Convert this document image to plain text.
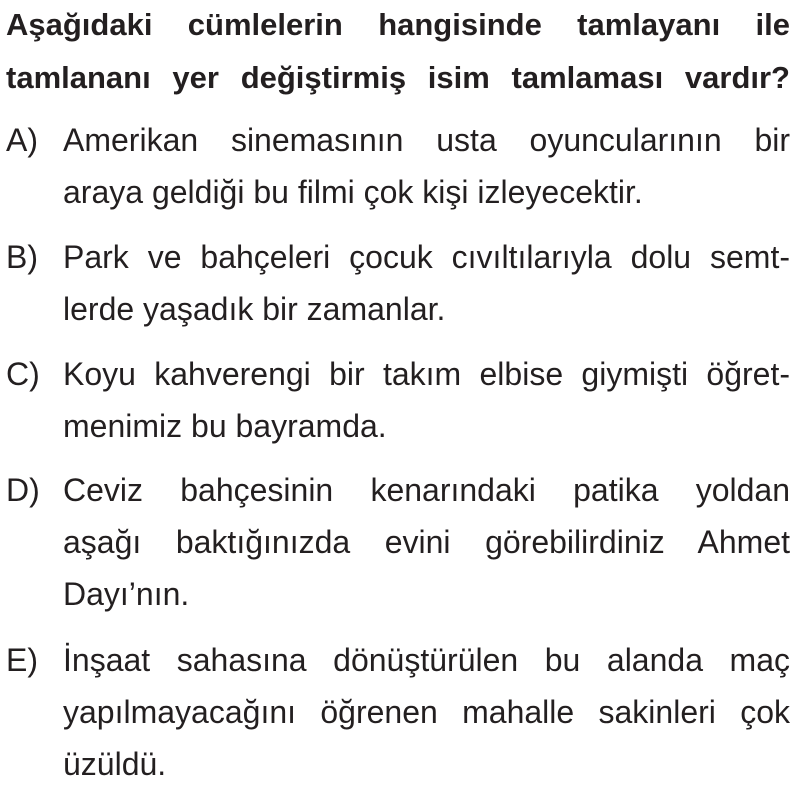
Aşağıdaki cümlelerin hangisinde tamlayanı ile
tamlananı yer değiştirmiş isim tamlaması vardır?
A) Amerikan sinemasının usta oyuncularının bir
araya geldiği bu filmi çok kişi izleyecektir.
B) Park ve bahçeleri çocuk cıvıltılarıyla dolu semt-
lerde yaşadık bir zamanlar.
C) Koyu kahverengi bir takım elbise giymişti öğret-
menimiz bu bayramda.
D) Ceviz bahçesinin kenarındaki patika yoldan
aşağı baktığınızda evini görebilirdiniz Ahmet
Dayı’nın.
E) İnşaat sahasına dönüştürülen bu alanda maç
yapılmayacağını öğrenen mahalle sakinleri çok
üzüldü.
